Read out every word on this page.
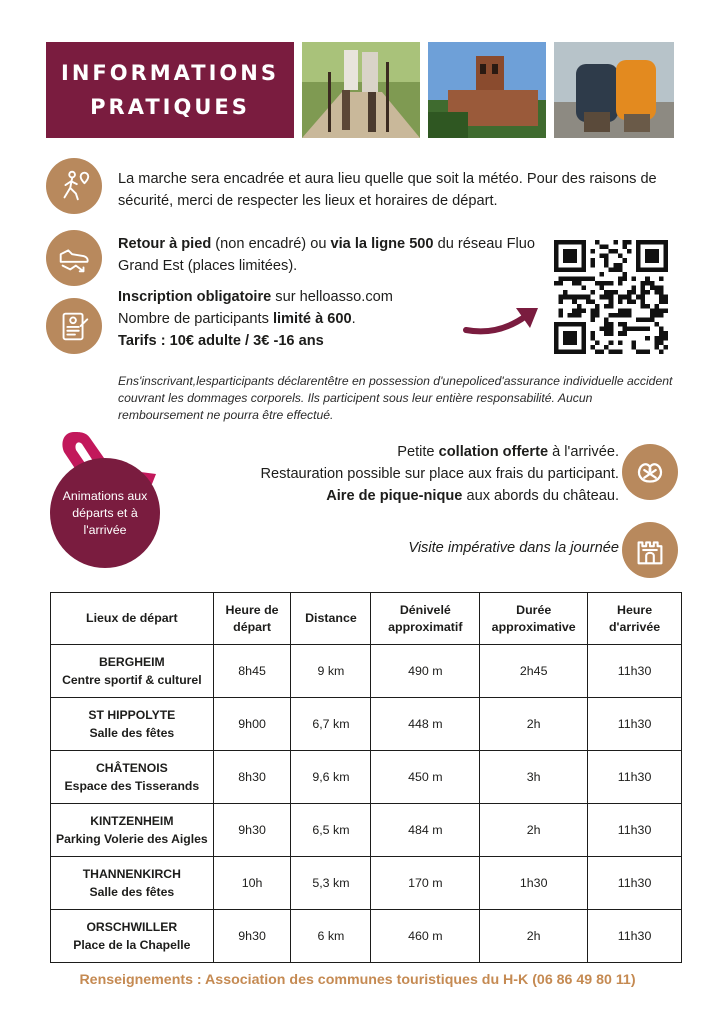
INFORMATIONS
PRATIQUES
La marche sera encadrée et aura lieu quelle que soit la météo. Pour des raisons de sécurité, merci de respecter les lieux et horaires de départ.
Retour à pied (non encadré) ou via la ligne 500 du réseau Fluo Grand Est (places limitées).
Inscription obligatoire sur helloasso.com
Nombre de participants limité à 600.
Tarifs : 10€ adulte / 3€ -16 ans
Ens'inscrivant,lesparticipants déclarentêtre en possession d'unepoliced'assurance individuelle accident couvrant les dommages corporels. Ils participent sous leur entière responsabilité. Aucun remboursement ne pourra être effectué.
Animations aux départs et à l'arrivée
Petite collation offerte à l'arrivée.
Restauration possible sur place aux frais du participant.
Aire de pique-nique aux abords du château.
Visite impérative dans la journée
Lieux de départ	Heure de départ	Distance	Dénivelé approximatif	Durée approximative	Heure d'arrivée

BERGHEIM
Centre sportif & culturel	8h45	9 km	490 m	2h45	11h30

ST HIPPOLYTE
Salle des fêtes	9h00	6,7 km	448 m	2h	11h30

CHÂTENOIS
Espace des Tisserands	8h30	9,6 km	450 m	3h	11h30

KINTZENHEIM
Parking Volerie des Aigles	9h30	6,5 km	484 m	2h	11h30

THANNENKIRCH
Salle des fêtes	10h	5,3 km	170 m	1h30	11h30

ORSCHWILLER
Place de la Chapelle	9h30	6 km	460 m	2h	11h30
Renseignements : Association des communes touristiques du H-K (06 86 49 80 11)
